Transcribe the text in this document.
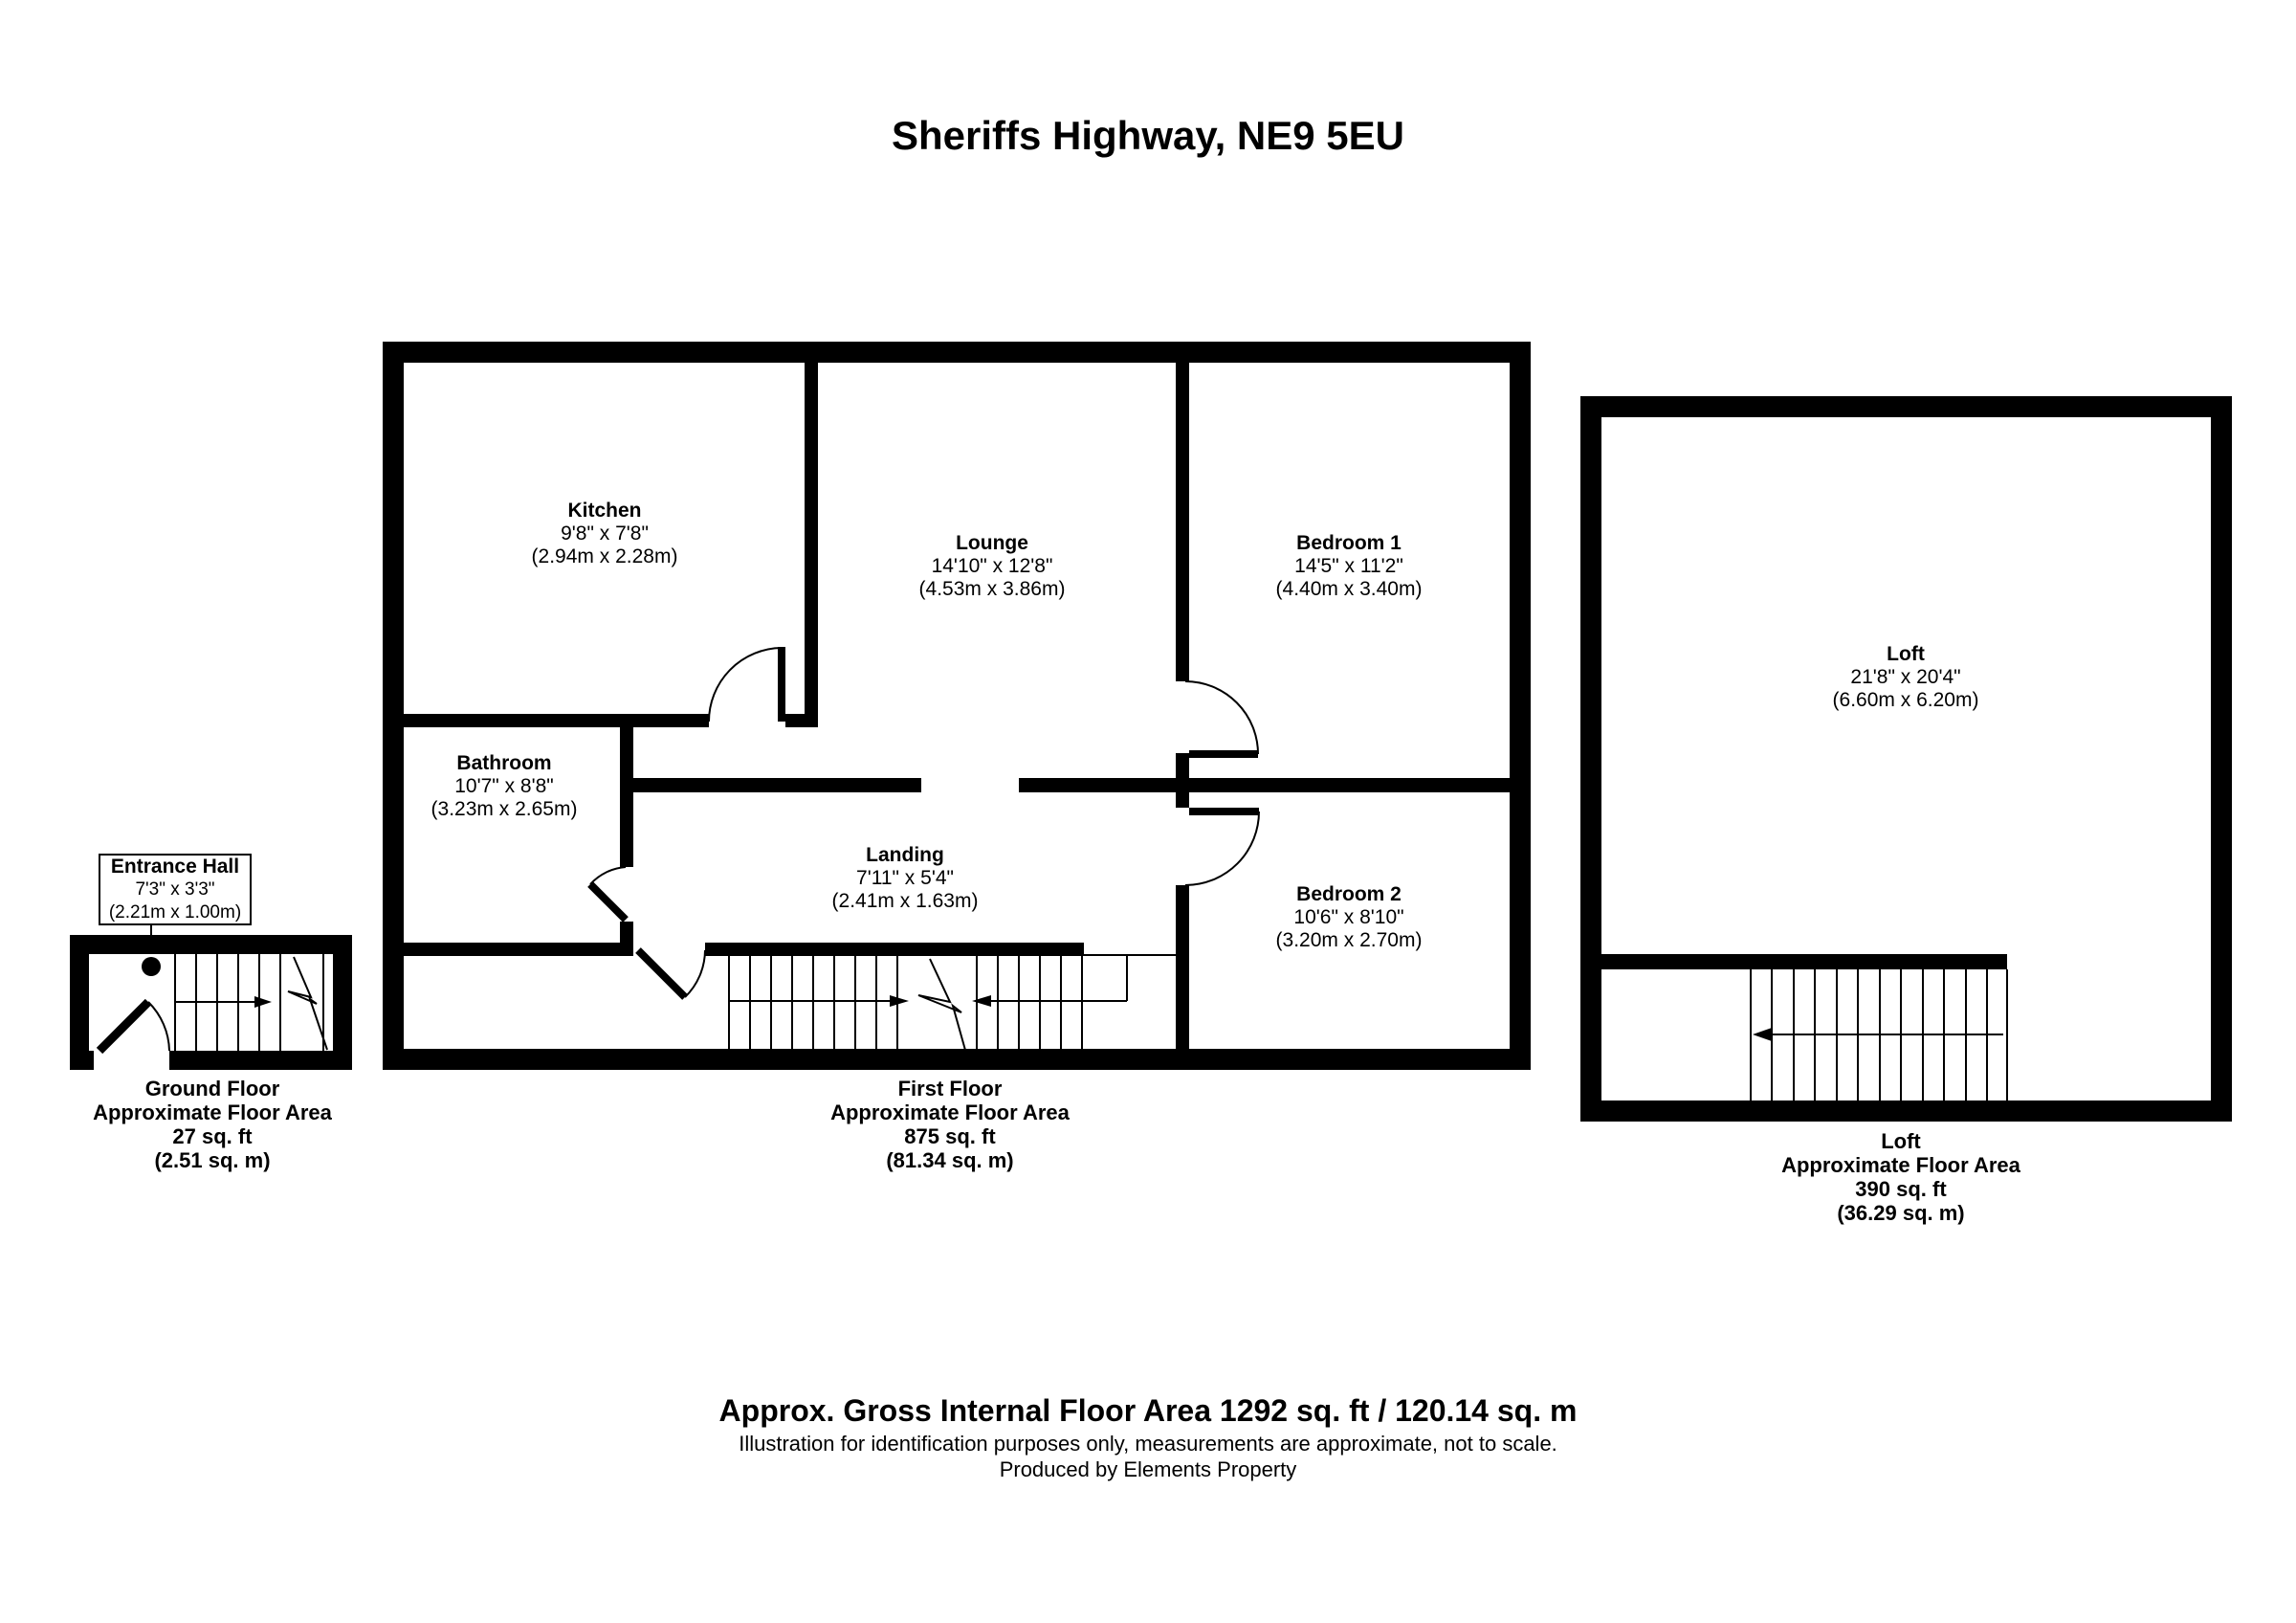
Sheriffs Highway, NE9 5EU
Kitchen
9'8" x 7'8"
(2.94m x 2.28m)
Lounge
14'10" x 12'8"
(4.53m x 3.86m)
Bedroom 1
14'5" x 11'2"
(4.40m x 3.40m)
Bathroom
10'7" x 8'8"
(3.23m x 2.65m)
Landing
7'11" x 5'4"
(2.41m x 1.63m)	Bedroom 2
10'6" x 8'10"
(3.20m x 2.70m)
Loft
21'8" x 20'4"
(6.60m x 6.20m)
Entrance Hall
7'3" x 3'3"
(2.21m x 1.00m)
Ground Floor
Approximate Floor Area
27 sq. ft
(2.51 sq. m)
First Floor
Approximate Floor Area
875 sq. ft
(81.34 sq. m)
Loft
Approximate Floor Area
390 sq. ft
(36.29 sq. m)
Approx. Gross Internal Floor Area 1292 sq. ft / 120.14 sq. m
Illustration for identification purposes only, measurements are approximate, not to scale.
Produced by Elements Property
